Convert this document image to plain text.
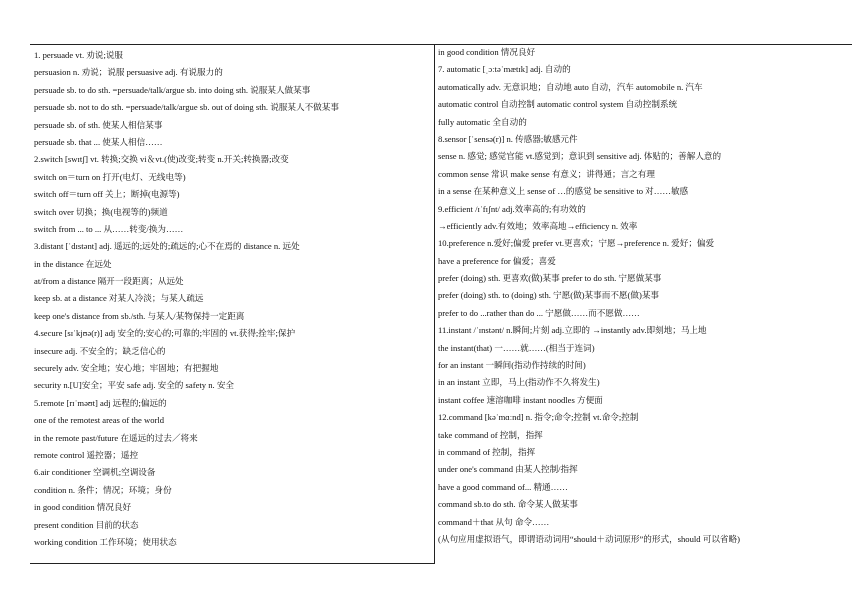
1. persuade vt. 劝说;说服
persuasion n. 劝说；说服 persuasive adj. 有说服力的
persuade sb. to do sth. =persuade/talk/argue sb. into doing sth. 说服某人做某事
persuade sb. not to do sth. =persuade/talk/argue sb. out of doing sth. 说服某人不做某事
persuade sb. of sth. 使某人相信某事
persuade sb. that ... 使某人相信……
2.switch [swɪtʃ] vt. 转换;交换 vi＆vt.(使)改变;转变 n.开关;转换器;改变
switch on＝turn on 打开(电灯、无线电等)
switch off＝turn off 关上；断掉(电源等)
switch over 切换；换(电视等的)频道
switch from ... to ... 从……转变/换为……
3.distant [ˈdɪstənt] adj. 遥远的;远处的;疏远的;心不在焉的 distance n. 远处
in the distance 在远处
at/from a distance 隔开一段距离；从远处
keep sb. at a distance 对某人冷淡；与某人疏远
keep one's distance from sb./sth. 与某人/某物保持一定距离
4.secure [sɪˈkjʊə(r)] adj 安全的;安心的;可靠的;牢固的 vt.获得;拴牢;保护
insecure adj. 不安全的；缺乏信心的
securely adv. 安全地；安心地；牢固地；有把握地
security n.[U]安全；平安 safe adj. 安全的 safety n. 安全
5.remote [rɪˈməʊt] adj 远程的;偏远的
one of the remotest areas of the world
in the remote past/future 在遥远的过去／将来
remote control 遥控器；遥控
6.air conditioner 空调机;空调设备
condition n. 条件；情况；环境；身份
in good condition 情况良好
present condition 目前的状态
working condition 工作环境；使用状态
in good condition 情况良好
7. automatic [ˌɔːtəˈmætɪk] adj. 自动的
automatically adv. 无意识地；自动地 auto 自动，汽车 automobile n. 汽车
automatic control 自动控制 automatic control system 自动控制系统
fully automatic 全自动的
8.sensor [ˈsensə(r)] n. 传感器;敏感元件
sense n. 感觉; 感觉官能 vt.感觉到；意识到 sensitive adj. 体贴的；善解人意的
common sense 常识 make sense 有意义；讲得通；言之有理
in a sense 在某种意义上 sense of …的感觉 be sensitive to 对……敏感
9.efficient /ɪˈfɪʃnt/ adj.效率高的;有功效的
→efficiently adv.有效地；效率高地→efficiency n. 效率
10.preference n.爱好;偏爱 prefer vt.更喜欢；宁愿→preference n. 爱好；偏爱
have a preference for 偏爱；喜爱
prefer (doing) sth. 更喜欢(做)某事 prefer to do sth. 宁愿做某事
prefer (doing) sth. to (doing) sth. 宁愿(做)某事而不愿(做)某事
prefer to do ...rather than do ... 宁愿做……而不愿做……
11.instant /ˈɪnstənt/ n.瞬间;片刻 adj.立即的 →instantly adv.即刻地；马上地
the instant(that) 一……就……(相当于连词)
for an instant 一瞬间(指动作持续的时间)
in an instant 立即，马上(指动作不久将发生)
instant coffee 速溶咖啡 instant noodles 方便面
12.command [kəˈmɑːnd] n. 指令;命令;控制 vt.命令;控制
take command of 控制，指挥
in command of 控制，指挥
under one's command 由某人控制/指挥
have a good command of... 精通……
command sb.to do sth. 命令某人做某事
command＋that 从句 命令……
(从句应用虚拟语气，即谓语动词用“should＋动词原形”的形式，should 可以省略)
